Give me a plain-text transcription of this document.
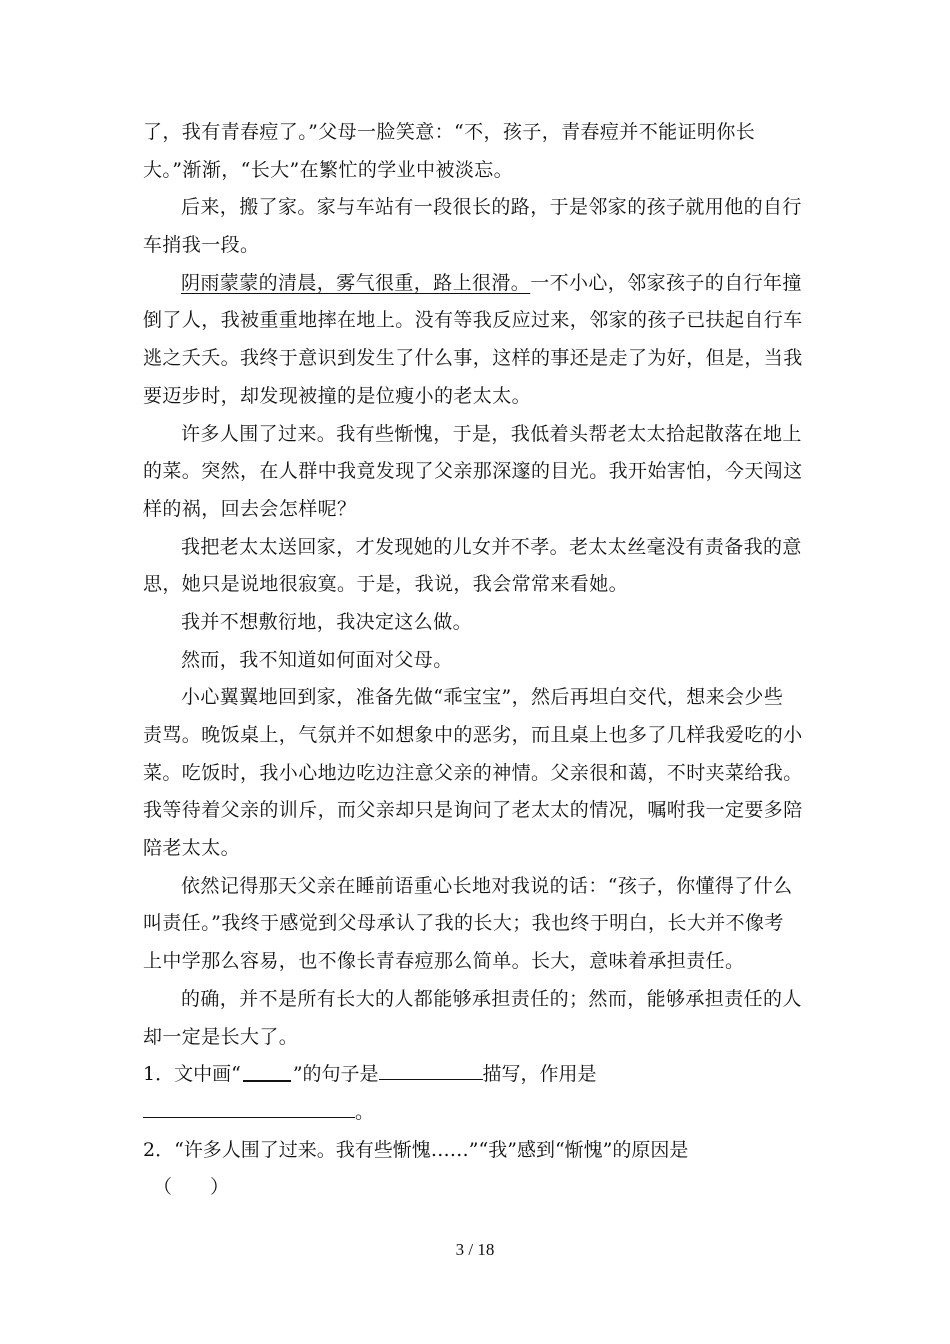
了，我有青春痘了。”父母一脸笑意：“不，孩子，青春痘并不能证明你长
大。”渐渐，“长大”在繁忙的学业中被淡忘。
后来，搬了家。家与车站有一段很长的路，于是邻家的孩子就用他的自行
车捎我一段。
阴雨蒙蒙的清晨，雾气很重，路上很滑。一不小心，邻家孩子的自行年撞
倒了人，我被重重地摔在地上。没有等我反应过来，邻家的孩子已扶起自行车
逃之夭夭。我终于意识到发生了什么事，这样的事还是走了为好，但是，当我
要迈步时，却发现被撞的是位瘦小的老太太。
许多人围了过来。我有些惭愧，于是，我低着头帮老太太拾起散落在地上
的菜。突然，在人群中我竟发现了父亲那深邃的目光。我开始害怕，今天闯这
样的祸，回去会怎样呢？
我把老太太送回家，才发现她的儿女并不孝。老太太丝毫没有责备我的意
思，她只是说地很寂寞。于是，我说，我会常常来看她。
我并不想敷衍地，我决定这么做。
然而，我不知道如何面对父母。
小心翼翼地回到家，准备先做“乖宝宝”，然后再坦白交代，想来会少些
责骂。晚饭桌上，气氛并不如想象中的恶劣，而且桌上也多了几样我爱吃的小
菜。吃饭时，我小心地边吃边注意父亲的神情。父亲很和蔼，不时夹菜给我。
我等待着父亲的训斥，而父亲却只是询问了老太太的情况，嘱咐我一定要多陪
陪老太太。
依然记得那天父亲在睡前语重心长地对我说的话：“孩子，你懂得了什么
叫责任。”我终于感觉到父母承认了我的长大；我也终于明白，长大并不像考
上中学那么容易，也不像长青春痘那么简单。长大，意味着承担责任。
的确，并不是所有长大的人都能够承担责任的；然而，能够承担责任的人
却一定是长大了。
1．文中画“	”的句子是	描写，作用是
。
2．“许多人围了过来。我有些惭愧……”“我”感到“惭愧”的原因是
（　　）
3 / 18
